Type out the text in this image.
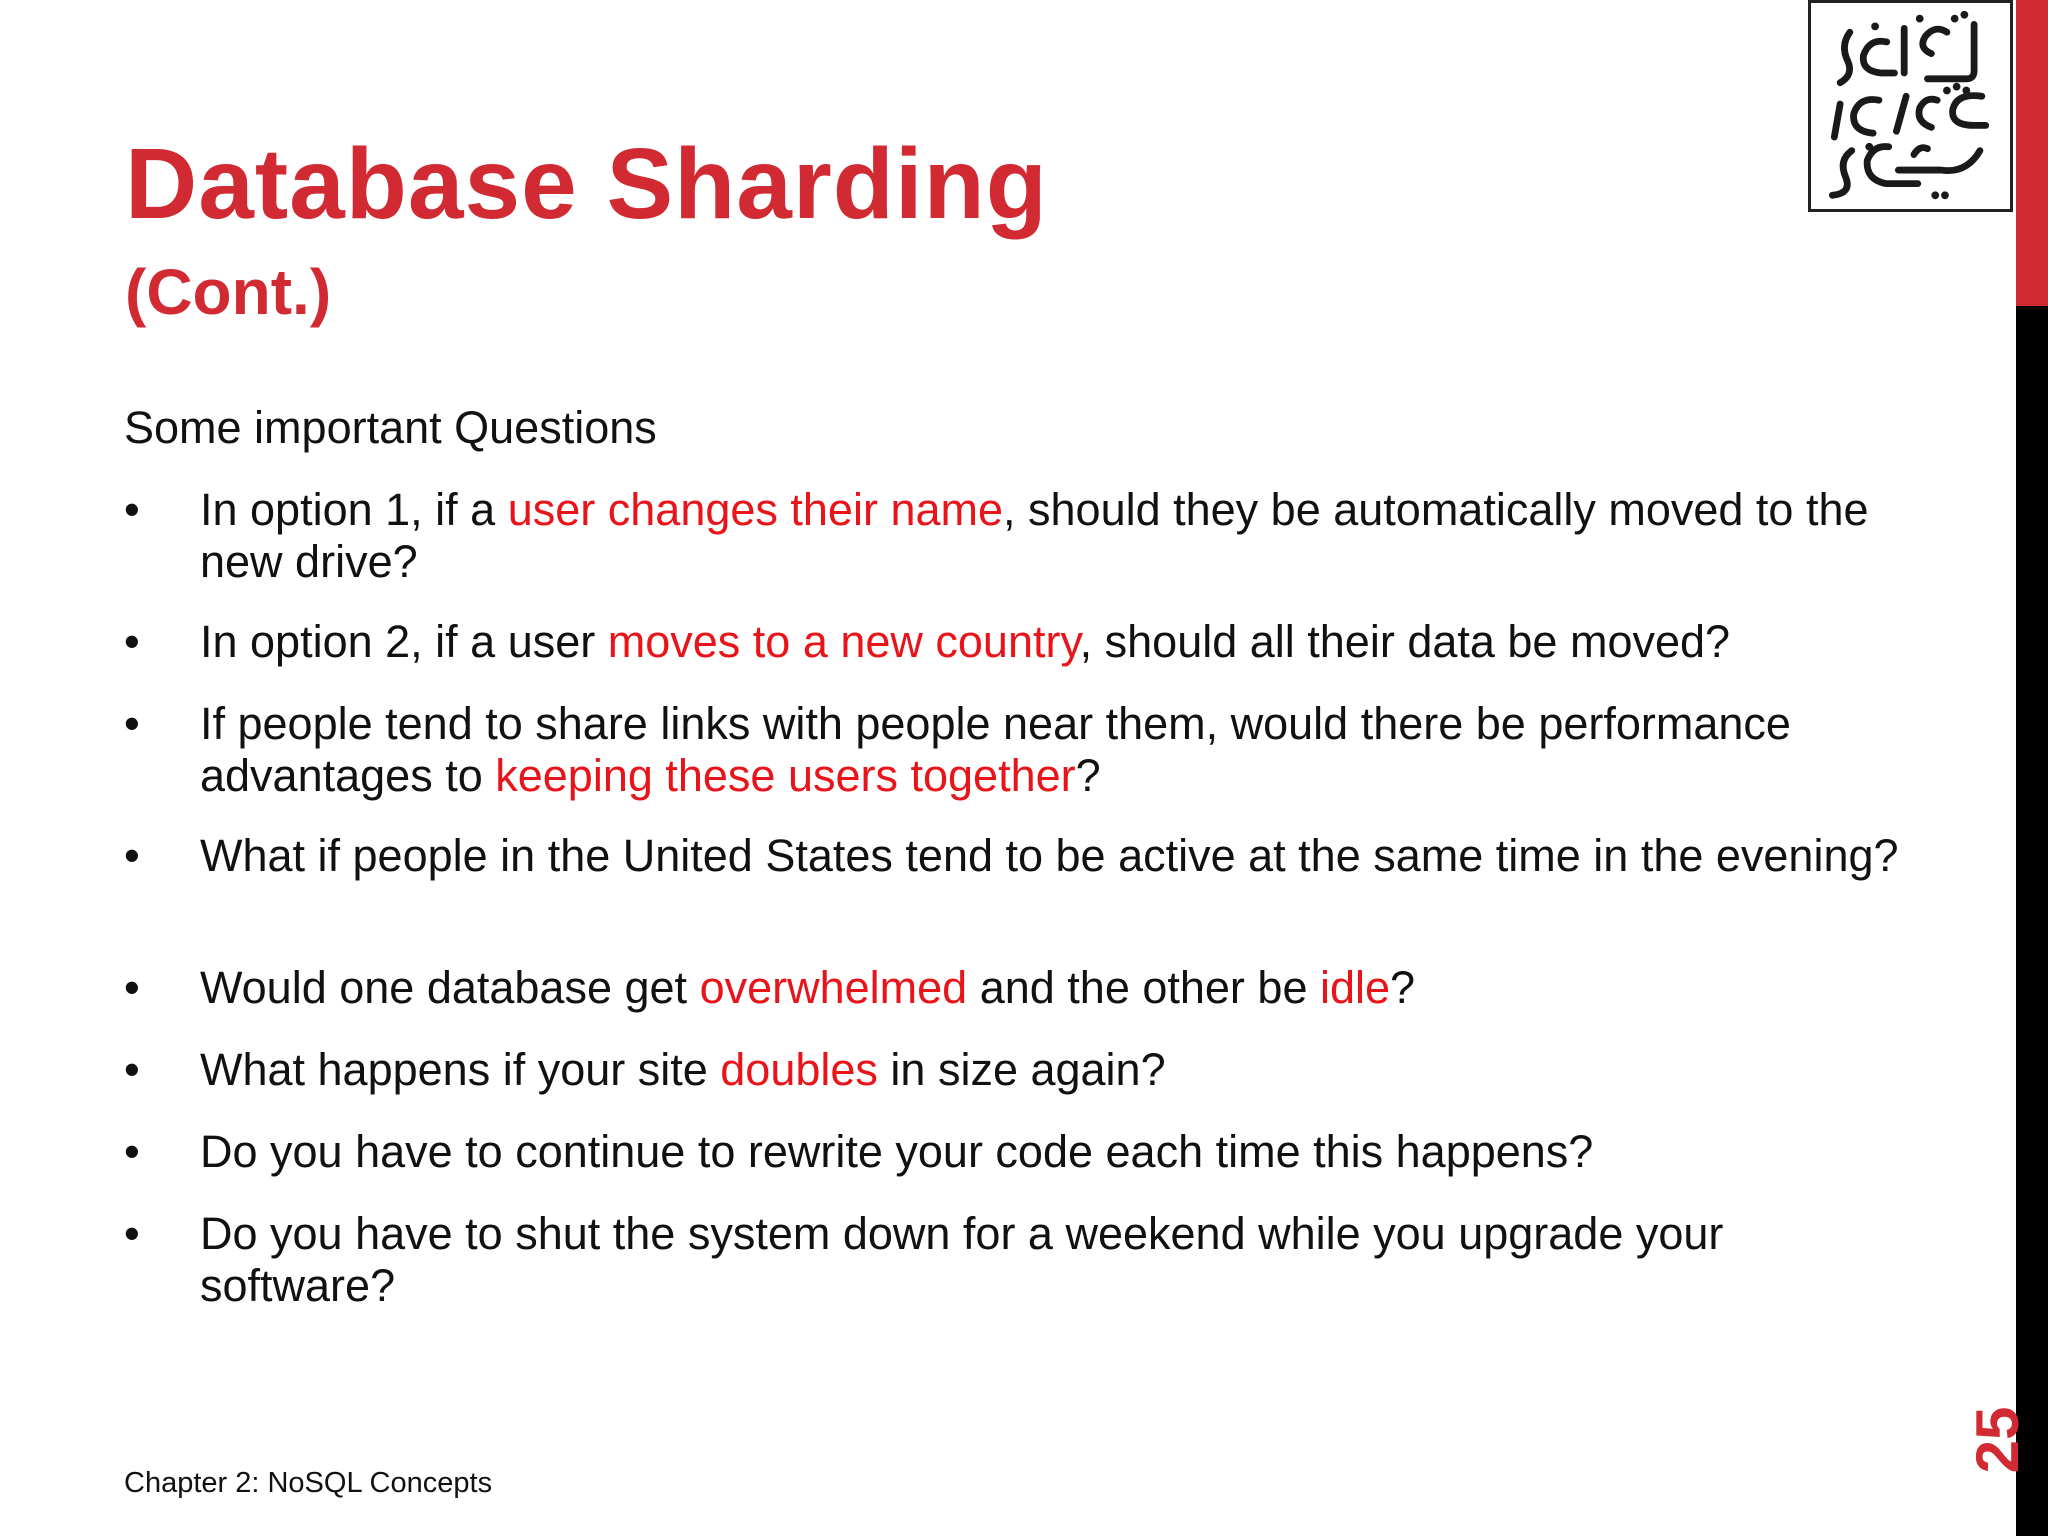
Database Sharding
(Cont.)
Some important Questions
• In option 1, if a user changes their name, should they be automatically moved to the new drive?
• In option 2, if a user moves to a new country, should all their data be moved?
• If people tend to share links with people near them, would there be performance advantages to keeping these users together?
• What if people in the United States tend to be active at the same time in the evening?
• Would one database get overwhelmed and the other be idle?
• What happens if your site doubles in size again?
• Do you have to continue to rewrite your code each time this happens?
• Do you have to shut the system down for a weekend while you upgrade your software?
Chapter 2: NoSQL Concepts
25
